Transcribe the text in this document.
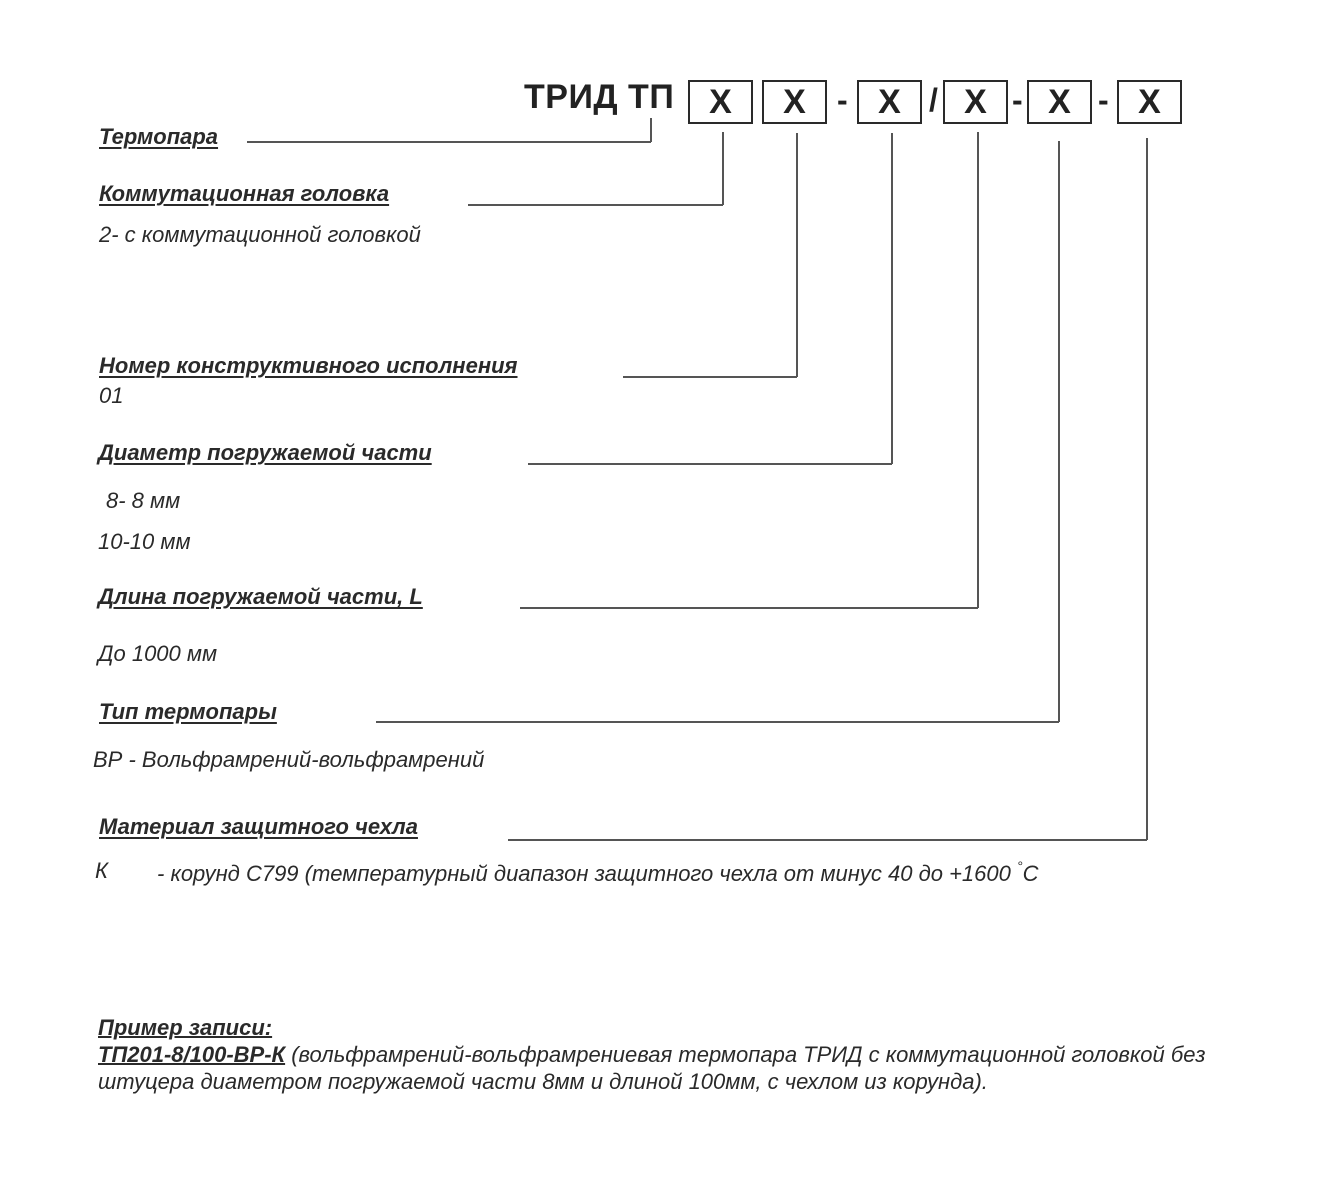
ТРИД ТП	X	X - X / X - X - X
Термопара
Коммутационная головка
2- с коммутационной головкой
Номер конструктивного исполнения
01
Диаметр погружаемой части
8- 8 мм
10-10 мм
Длина погружаемой части, L
До 1000 мм
Тип термопары
ВР - Вольфрамрений-вольфрамрений
Материал защитного чехла
К - корунд С799 (температурный диапазон защитного чехла от минус 40 до +1600 °С
Пример записи:
ТП201-8/100-ВР-К (вольфрамрений-вольфрамрениевая термопара ТРИД с коммутационной головкой без штуцера диаметром погружаемой части 8мм и длиной 100мм, с чехлом из корунда).
